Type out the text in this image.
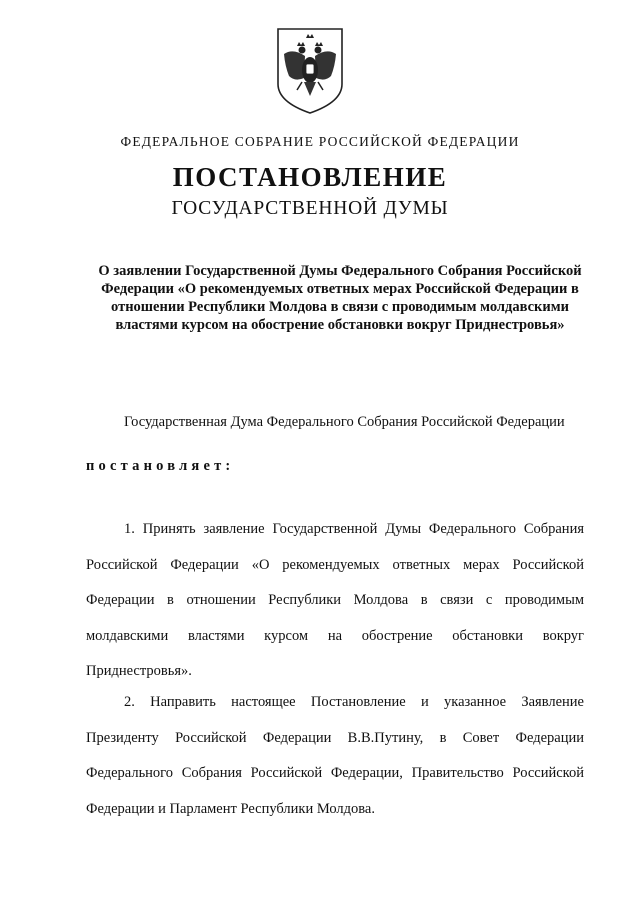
ФЕДЕРАЛЬНОЕ СОБРАНИЕ РОССИЙСКОЙ ФЕДЕРАЦИИ
ПОСТАНОВЛЕНИЕ
ГОСУДАРСТВЕННОЙ ДУМЫ
О заявлении Государственной Думы Федерального Собрания Российской Федерации «О рекомендуемых ответных мерах Российской Федерации в отношении Республики Молдова в связи с проводимым молдавскими властями курсом на обострение обстановки вокруг Приднестровья»
Государственная Дума Федерального Собрания Российской Федерации
постановляет:
1. Принять заявление Государственной Думы Федерального Собрания Российской Федерации «О рекомендуемых ответных мерах Российской Федерации в отношении Республики Молдова в связи с проводимым молдавскими властями курсом на обострение обстановки вокруг Приднестровья».
2. Направить настоящее Постановление и указанное Заявление Президенту Российской Федерации В.В.Путину, в Совет Федерации Федерального Собрания Российской Федерации, Правительство Российской Федерации и Парламент Республики Молдова.
